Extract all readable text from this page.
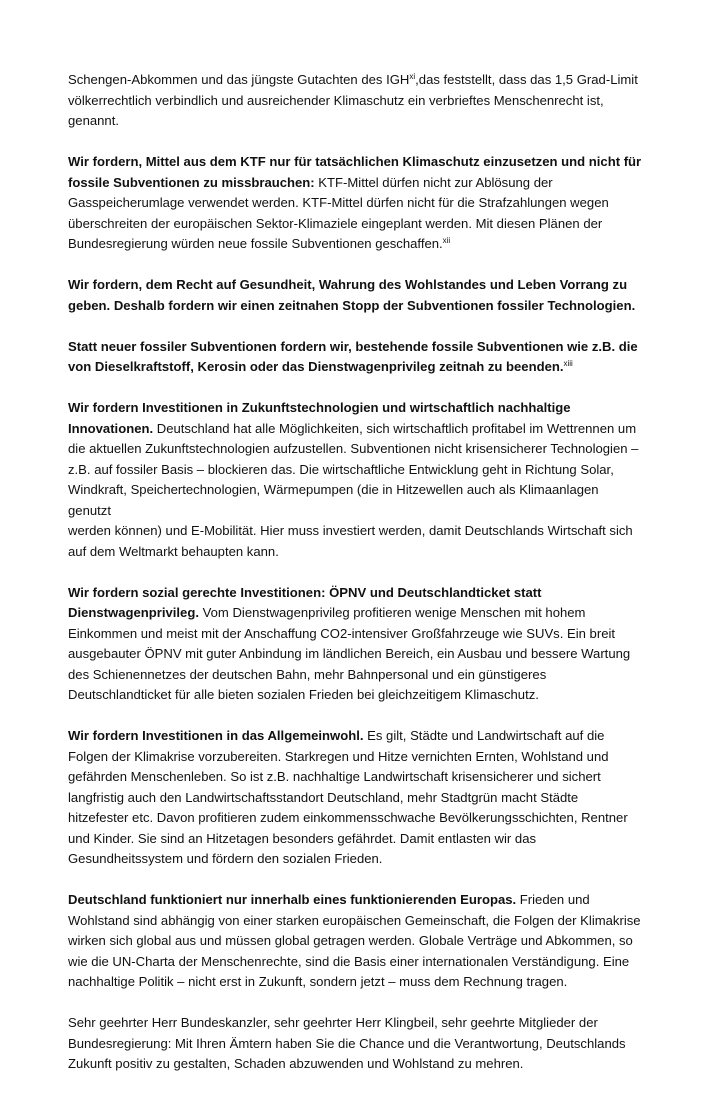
Schengen-Abkommen und das jüngste Gutachten des IGH$^{xi}$,das feststellt, dass das 1,5 Grad-Limit
völkerrechtlich verbindlich und ausreichender Klimaschutz ein verbrieftes Menschenrecht ist,
genannt.
Wir fordern, Mittel aus dem KTF nur für tatsächlichen Klimaschutz einzusetzen und nicht für
fossile Subventionen zu missbrauchen: KTF-Mittel dürfen nicht zur Ablösung der
Gasspeicherumlage verwendet werden. KTF-Mittel dürfen nicht für die Strafzahlungen wegen
überschreiten der europäischen Sektor-Klimaziele eingeplant werden. Mit diesen Plänen der
Bundesregierung würden neue fossile Subventionen geschaffen.$^{xii}$
Wir fordern, dem Recht auf Gesundheit, Wahrung des Wohlstandes und Leben Vorrang zu
geben. Deshalb fordern wir einen zeitnahen Stopp der Subventionen fossiler Technologien.
Statt neuer fossiler Subventionen fordern wir, bestehende fossile Subventionen wie z.B. die
von Dieselkraftstoff, Kerosin oder das Dienstwagenprivileg zeitnah zu beenden.$^{xiii}$
Wir fordern Investitionen in Zukunftstechnologien und wirtschaftlich nachhaltige
Innovationen. Deutschland hat alle Möglichkeiten, sich wirtschaftlich profitabel im Wettrennen um
die aktuellen Zukunftstechnologien aufzustellen. Subventionen nicht krisensicherer Technologien –
z.B. auf fossiler Basis – blockieren das. Die wirtschaftliche Entwicklung geht in Richtung Solar,
Windkraft, Speichertechnologien, Wärmepumpen (die in Hitzewellen auch als Klimaanlagen
genutzt
werden können) und E-Mobilität. Hier muss investiert werden, damit Deutschlands Wirtschaft sich
auf dem Weltmarkt behaupten kann.
Wir fordern sozial gerechte Investitionen: ÖPNV und Deutschlandticket statt
Dienstwagenprivileg. Vom Dienstwagenprivileg profitieren wenige Menschen mit hohem
Einkommen und meist mit der Anschaffung CO2-intensiver Großfahrzeuge wie SUVs. Ein breit
ausgebauter ÖPNV mit guter Anbindung im ländlichen Bereich, ein Ausbau und bessere Wartung
des Schienennetzes der deutschen Bahn, mehr Bahnpersonal und ein günstigeres
Deutschlandticket für alle bieten sozialen Frieden bei gleichzeitigem Klimaschutz.
Wir fordern Investitionen in das Allgemeinwohl. Es gilt, Städte und Landwirtschaft auf die
Folgen der Klimakrise vorzubereiten. Starkregen und Hitze vernichten Ernten, Wohlstand und
gefährden Menschenleben. So ist z.B. nachhaltige Landwirtschaft krisensicherer und sichert
langfristig auch den Landwirtschaftsstandort Deutschland, mehr Stadtgrün macht Städte
hitzefester etc. Davon profitieren zudem einkommensschwache Bevölkerungsschichten, Rentner
und Kinder. Sie sind an Hitzetagen besonders gefährdet. Damit entlasten wir das
Gesundheitssystem und fördern den sozialen Frieden.
Deutschland funktioniert nur innerhalb eines funktionierenden Europas. Frieden und
Wohlstand sind abhängig von einer starken europäischen Gemeinschaft, die Folgen der Klimakrise
wirken sich global aus und müssen global getragen werden. Globale Verträge und Abkommen, so
wie die UN-Charta der Menschenrechte, sind die Basis einer internationalen Verständigung. Eine
nachhaltige Politik – nicht erst in Zukunft, sondern jetzt – muss dem Rechnung tragen.
Sehr geehrter Herr Bundeskanzler, sehr geehrter Herr Klingbeil, sehr geehrte Mitglieder der
Bundesregierung: Mit Ihren Ämtern haben Sie die Chance und die Verantwortung, Deutschlands
Zukunft positiv zu gestalten, Schaden abzuwenden und Wohlstand zu mehren.
